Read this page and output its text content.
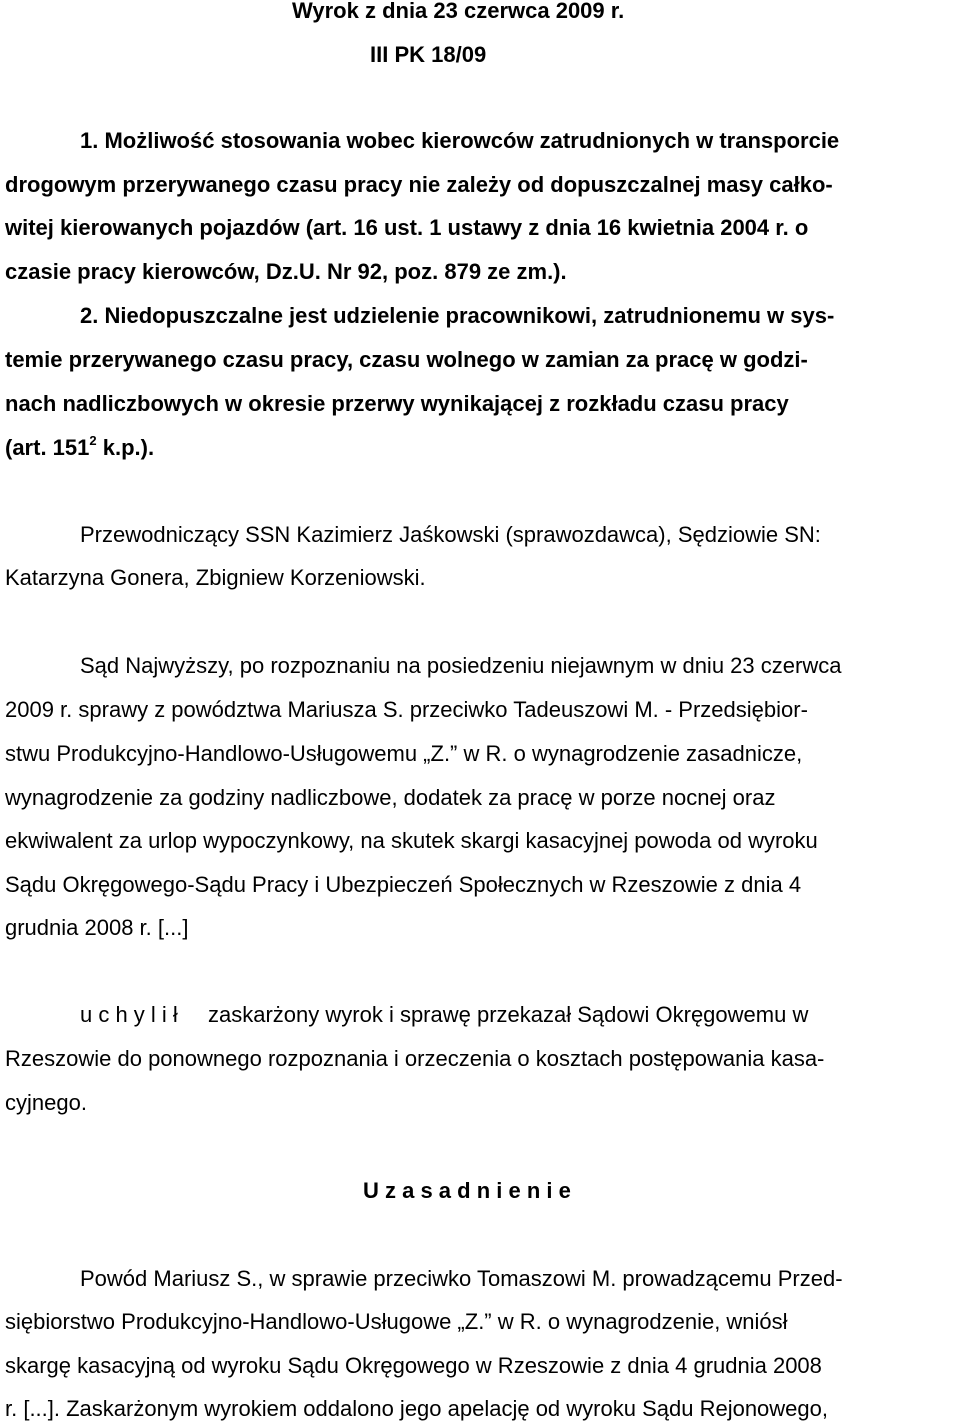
Wyrok z dnia 23 czerwca 2009 r.
III PK 18/09
1. Możliwość stosowania wobec kierowców zatrudnionych w transporcie
drogowym przerywanego czasu pracy nie zależy od dopuszczalnej masy całko-
witej kierowanych pojazdów (art. 16 ust. 1 ustawy z dnia 16 kwietnia 2004 r. o
czasie pracy kierowców, Dz.U. Nr 92, poz. 879 ze zm.).
2. Niedopuszczalne jest udzielenie pracownikowi, zatrudnionemu w sys-
temie przerywanego czasu pracy, czasu wolnego w zamian za pracę w godzi-
nach nadliczbowych w okresie przerwy wynikającej z rozkładu czasu pracy
(art. $151^2$ k.p.).
Przewodniczący SSN Kazimierz Jaśkowski (sprawozdawca), Sędziowie SN:
Katarzyna Gonera, Zbigniew Korzeniowski.
Sąd Najwyższy, po rozpoznaniu na posiedzeniu niejawnym w dniu 23 czerwca
2009 r. sprawy z powództwa Mariusza S. przeciwko Tadeuszowi M. - Przedsiębior-
stwu Produkcyjno-Handlowo-Usługowemu „Z.” w R. o wynagrodzenie zasadnicze,
wynagrodzenie za godziny nadliczbowe, dodatek za pracę w porze nocnej oraz
ekwiwalent za urlop wypoczynkowy, na skutek skargi kasacyjnej powoda od wyroku
Sądu Okręgowego-Sądu Pracy i Ubezpieczeń Społecznych w Rzeszowie z dnia 4
grudnia 2008 r. [...]
u c h y l i ł zaskarżony wyrok i sprawę przekazał Sądowi Okręgowemu w
Rzeszowie do ponownego rozpoznania i orzeczenia o kosztach postępowania kasa-
cyjnego.
U z a s a d n i e n i e
Powód Mariusz S., w sprawie przeciwko Tomaszowi M. prowadzącemu Przed-
siębiorstwo Produkcyjno-Handlowo-Usługowe „Z.” w R. o wynagrodzenie, wniósł
skargę kasacyjną od wyroku Sądu Okręgowego w Rzeszowie z dnia 4 grudnia 2008
r. [...]. Zaskarżonym wyrokiem oddalono jego apelację od wyroku Sądu Rejonowego,
